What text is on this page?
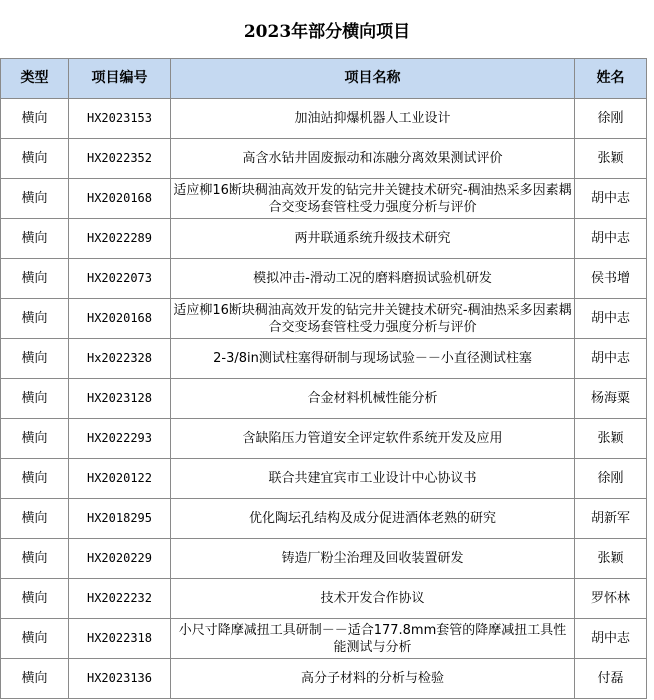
2023年部分横向项目
类型	项目编号	项目名称	姓名
横向	HX2023153	加油站抑爆机器人工业设计	徐刚
横向	HX2022352	高含水钻井固废振动和冻融分离效果测试评价	张颖
横向	HX2020168	适应柳16断块稠油高效开发的钻完井关键技术研究-稠油热采多因素耦合交变场套管柱受力强度分析与评价	胡中志
横向	HX2022289	两井联通系统升级技术研究	胡中志
横向	HX2022073	模拟冲击-滑动工况的磨料磨损试验机研发	侯书增
横向	HX2020168	适应柳16断块稠油高效开发的钻完井关键技术研究-稠油热采多因素耦合交变场套管柱受力强度分析与评价	胡中志
横向	Hx2022328	2-3/8in测试柱塞得研制与现场试验－－小直径测试柱塞	胡中志
横向	HX2023128	合金材料机械性能分析	杨海粟
横向	HX2022293	含缺陷压力管道安全评定软件系统开发及应用	张颖
横向	HX2020122	联合共建宜宾市工业设计中心协议书	徐刚
横向	HX2018295	优化陶坛孔结构及成分促进酒体老熟的研究	胡新军
横向	HX2020229	铸造厂粉尘治理及回收装置研发	张颖
横向	HX2022232	技术开发合作协议	罗怀林
横向	HX2022318	小尺寸降摩减扭工具研制－－适合177.8mm套管的降摩减扭工具性能测试与分析	胡中志
横向	HX2023136	高分子材料的分析与检验	付磊
